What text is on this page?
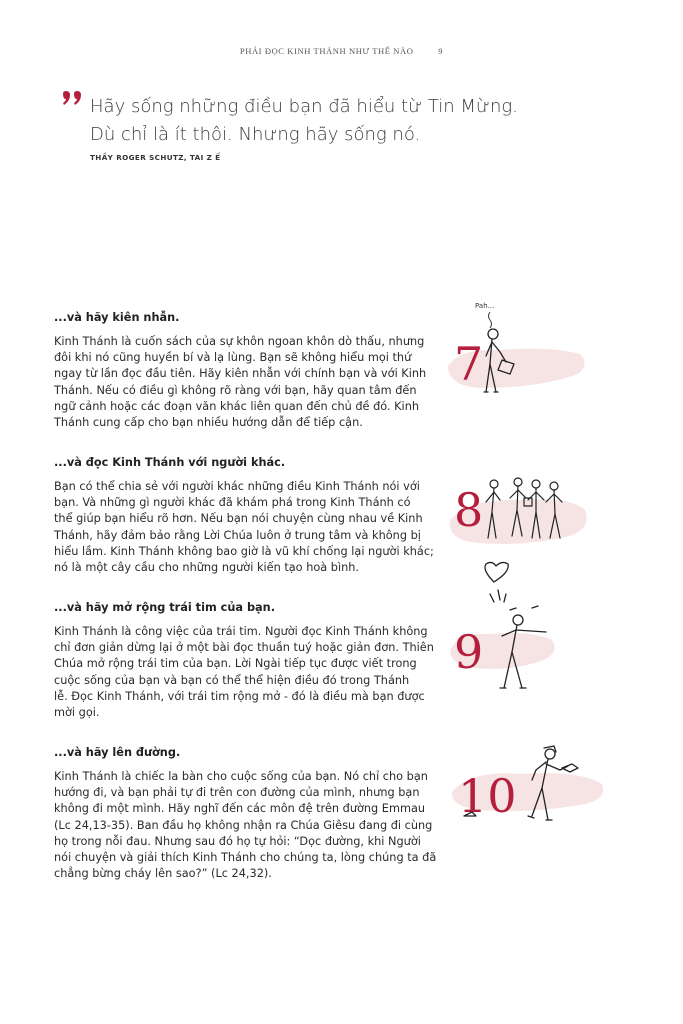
PHẢI ĐỌC KINH THÁNH NHƯ THẾ NÀO	9
Hãy sống những điều bạn đã hiểu từ Tin Mừng.
Dù chỉ là ít thôi. Nhưng hãy sống nó.
THẦY ROGER SCHUTZ, TAI Z Ế
...và hãy kiên nhẫn.
Kinh Thánh là cuốn sách của sự khôn ngoan khôn dò thấu, nhưng
đôi khi nó cũng huyền bí và lạ lùng. Bạn sẽ không hiểu mọi thứ
ngay từ lần đọc đầu tiên. Hãy kiên nhẫn với chính bạn và với Kinh
Thánh. Nếu có điều gì không rõ ràng với bạn, hãy quan tâm đến
ngữ cảnh hoặc các đoạn văn khác liên quan đến chủ đề đó. Kinh
Thánh cung cấp cho bạn nhiều hướng dẫn để tiếp cận.
...và đọc Kinh Thánh với người khác.
Bạn có thể chia sẻ với người khác những điều Kinh Thánh nói với
bạn. Và những gì người khác đã khám phá trong Kinh Thánh có
thể giúp bạn hiểu rõ hơn. Nếu bạn nói chuyện cùng nhau về Kinh
Thánh, hãy đảm bảo rằng Lời Chúa luôn ở trung tâm và không bị
hiểu lầm. Kinh Thánh không bao giờ là vũ khí chống lại người khác;
nó là một cây cầu cho những người kiến tạo hoà bình.
...và hãy mở rộng trái tim của bạn.
Kinh Thánh là công việc của trái tim. Người đọc Kinh Thánh không
chỉ đơn giản dừng lại ở một bài đọc thuần tuý hoặc giản đơn. Thiên
Chúa mở rộng trái tim của bạn. Lời Ngài tiếp tục được viết trong
cuộc sống của bạn và bạn có thể thể hiện điều đó trong Thánh
lễ. Đọc Kinh Thánh, với trái tim rộng mở - đó là điều mà bạn được
mời gọi.
...và hãy lên đường.
Kinh Thánh là chiếc la bàn cho cuộc sống của bạn. Nó chỉ cho bạn
hướng đi, và bạn phải tự đi trên con đường của mình, nhưng bạn
không đi một mình. Hãy nghĩ đến các môn đệ trên đường Emmau
(Lc 24,13-35). Ban đầu họ không nhận ra Chúa Giêsu đang đi cùng
họ trong nỗi đau. Nhưng sau đó họ tự hỏi: “Dọc đường, khi Người
nói chuyện và giải thích Kinh Thánh cho chúng ta, lòng chúng ta đã
chẳng bừng cháy lên sao?” (Lc 24,32).
Pah...
7
8
9
10
